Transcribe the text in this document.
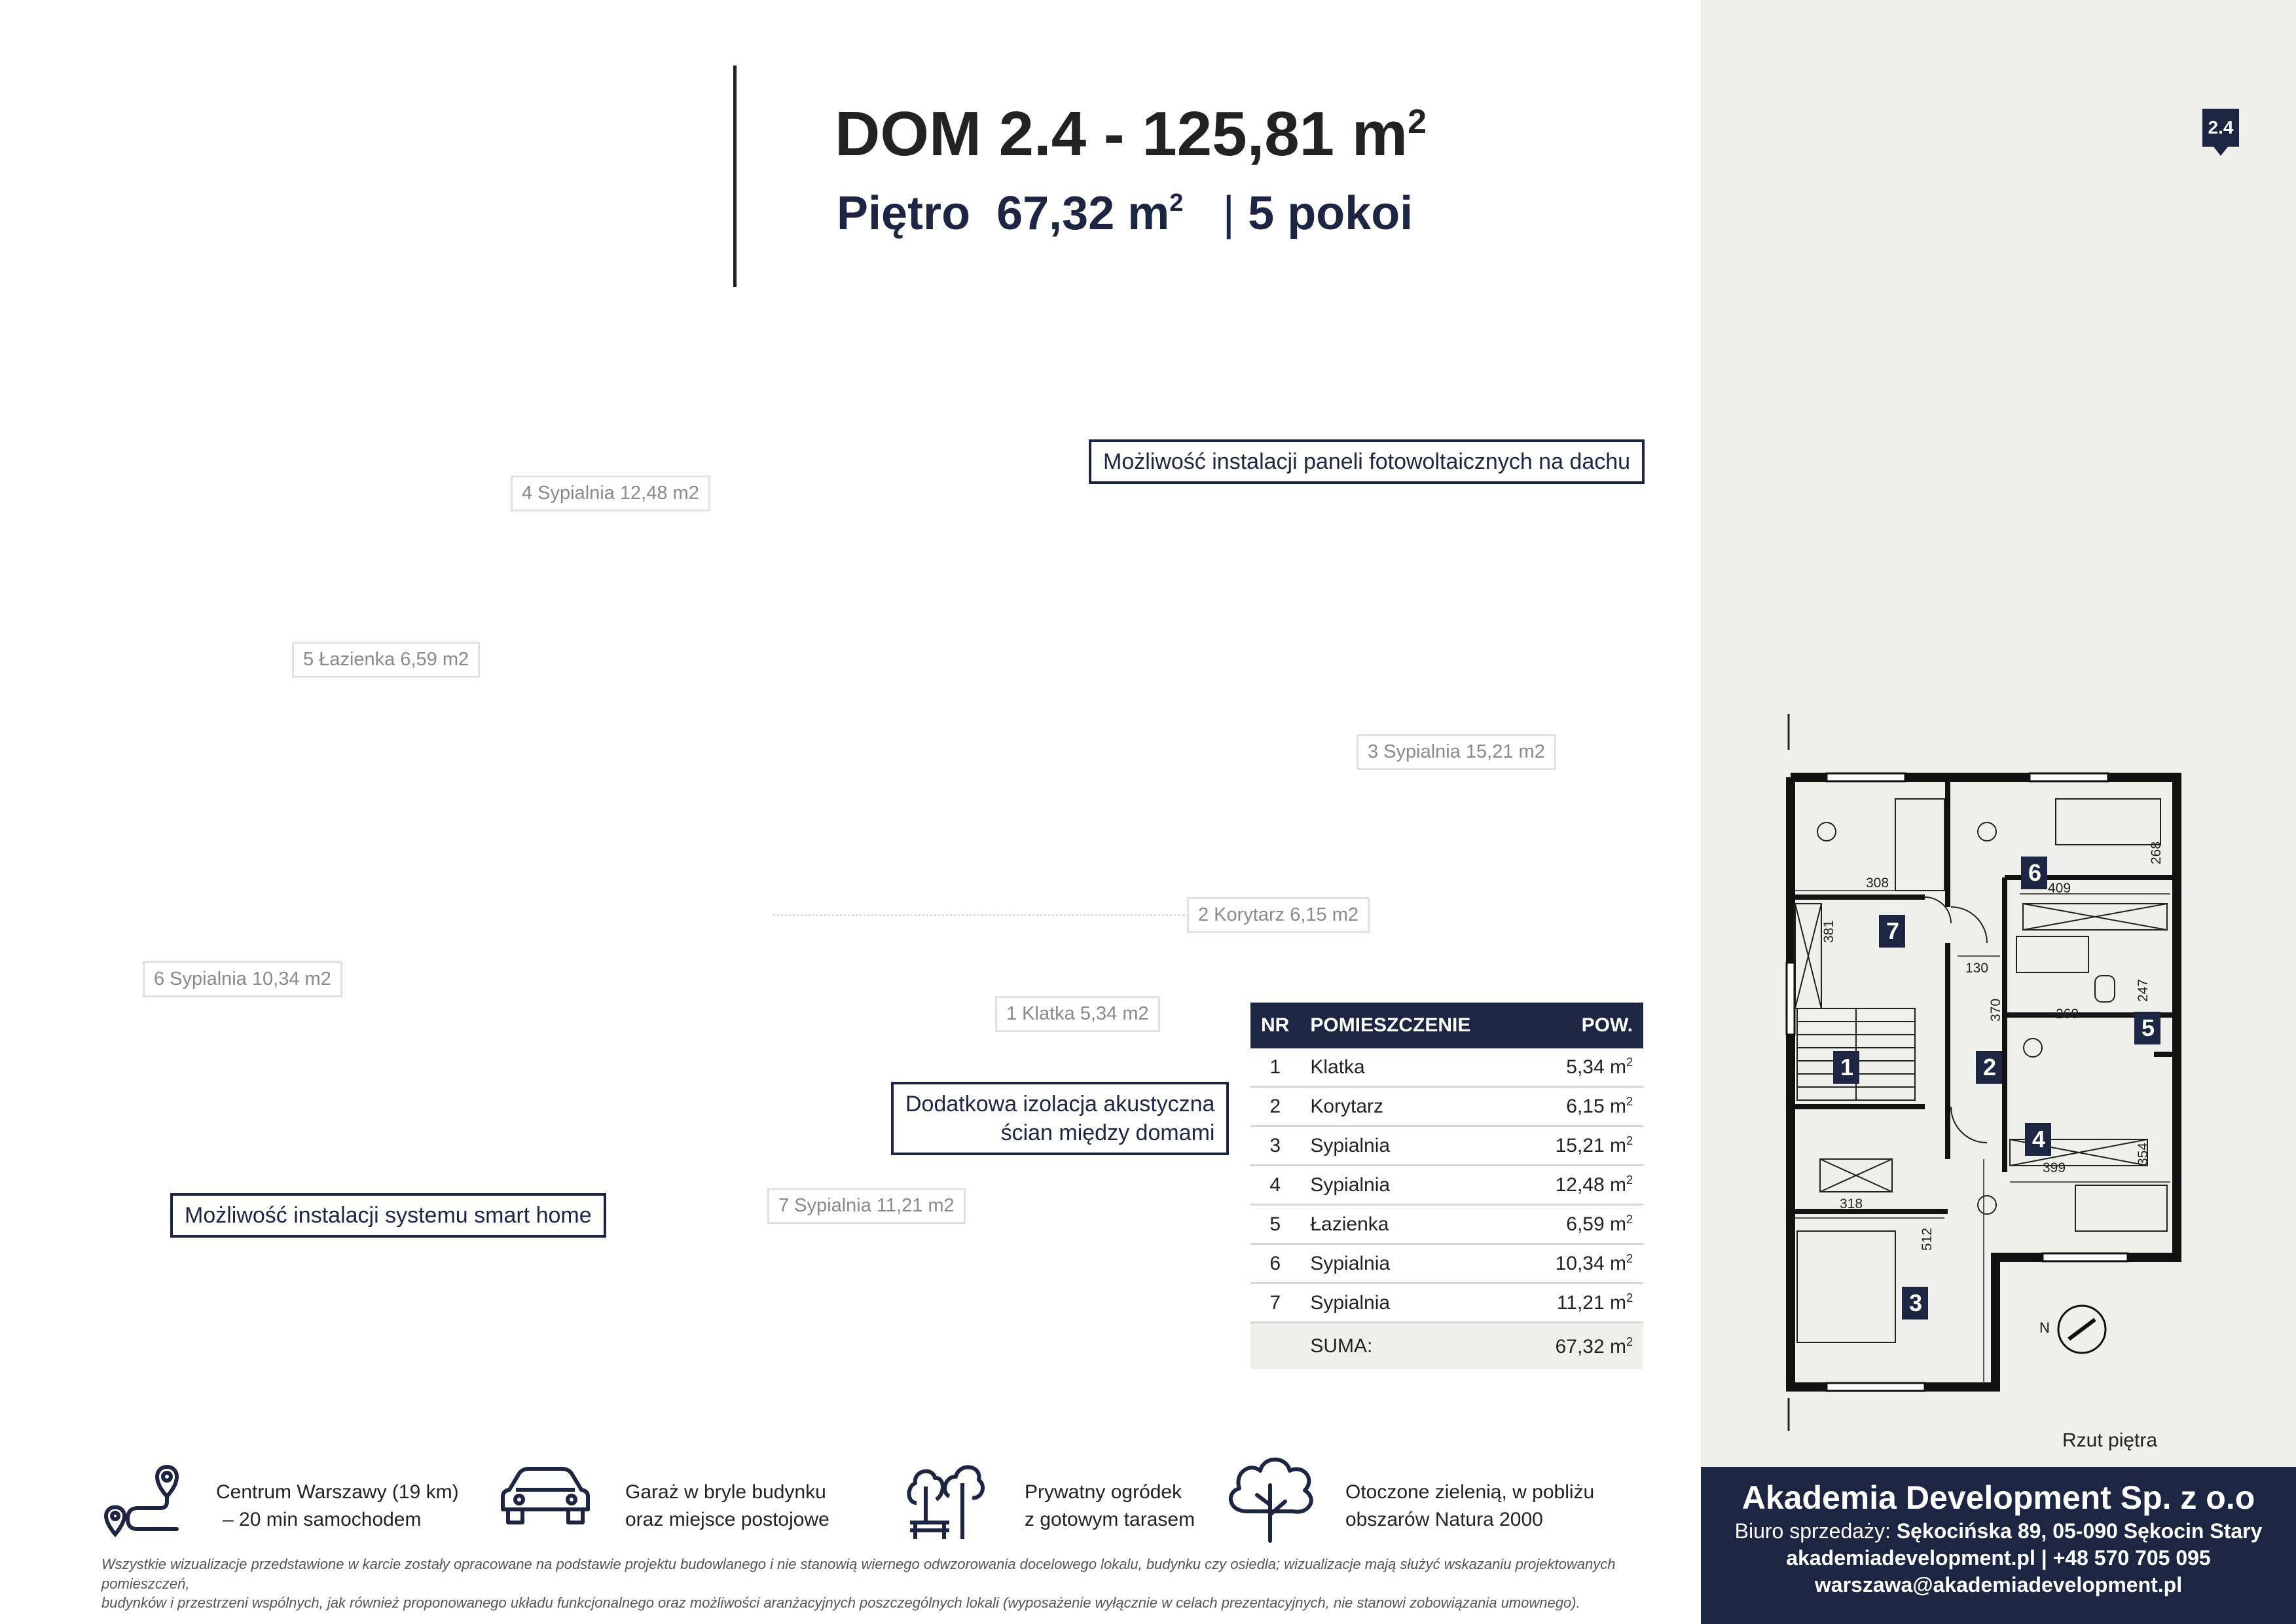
DOM 2.4 - 125,81 $m^2$
Piętro 67,32 $m^2$ | 5 pokoi
Możliwość instalacji paneli fotowoltaicznych na dachu
4 Sypialnia 12,48 m2
5 Łazienka 6,59 m2
3 Sypialnia 15,21 m2
2 Korytarz 6,15 m2
6 Sypialnia 10,34 m2
1 Klatka 5,34 m2
Dodatkowa izolacja akustyczna
ścian między domami
7 Sypialnia 11,21 m2
Możliwość instalacji systemu smart home
NR	POMIESZCZENIE	POW.
1	Klatka	5,34 $m^2$
2	Korytarz	6,15 $m^2$
3	Sypialnia	15,21 $m^2$
4	Sypialnia	12,48 $m^2$
5	Łazienka	6,59 $m^2$
6	Sypialnia	10,34 $m^2$
7	Sypialnia	11,21 $m^2$
	SUMA:	67,32 $m^2$
2.4
308
381
130
370
409
268
269
247
399
354
318
512
1	2
3
4
5
6
7
N
Rzut piętra
Akademia Development Sp. z o.o
Biuro sprzedaży: Sękocińska 89, 05-090 Sękocin Stary
akademiadevelopment.pl | +48 570 705 095
warszawa@akademiadevelopment.pl
Centrum Warszawy (19 km)
– 20 min samochodem
Garaż w bryle budynku
oraz miejsce postojowe
Prywatny ogródek
z gotowym tarasem
Otoczone zielenią, w pobliżu
obszarów Natura 2000
Wszystkie wizualizacje przedstawione w karcie zostały opracowane na podstawie projektu budowlanego i nie stanowią wiernego odwzorowania docelowego lokalu, budynku czy osiedla; wizualizacje mają służyć wskazaniu projektowanych pomieszczeń,
budynków i przestrzeni wspólnych, jak również proponowanego układu funkcjonalnego oraz możliwości aranżacyjnych poszczególnych lokali (wyposażenie wyłącznie w celach prezentacyjnych, nie stanowi zobowiązania umownego).
